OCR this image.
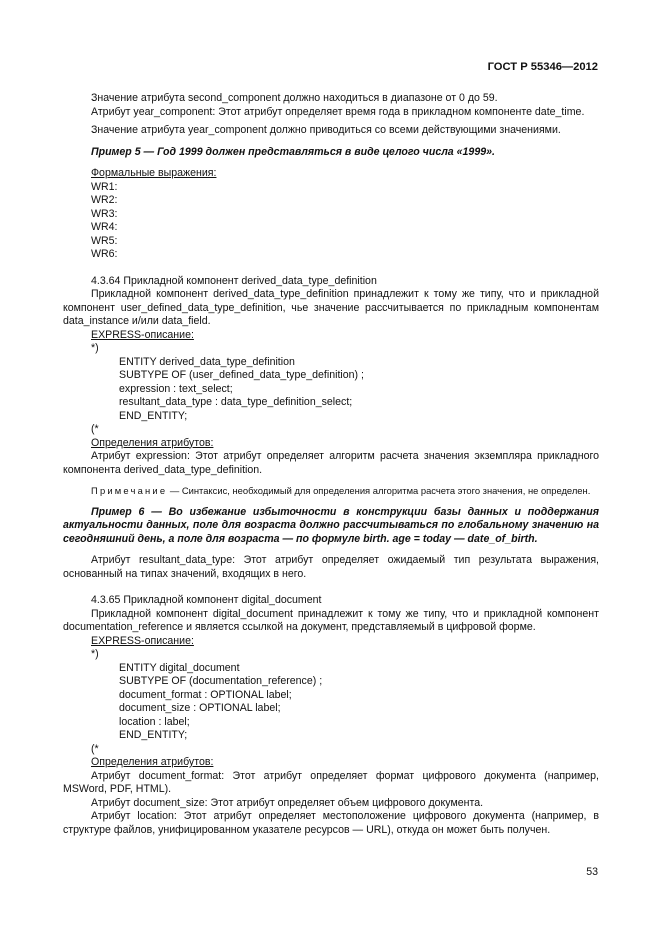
ГОСТ Р 55346—2012

Значение атрибута second_component должно находиться в диапазоне от 0 до 59.

Атрибут year_component: Этот атрибут определяет время года в прикладном компоненте date_time.

Значение атрибута year_component должно приводиться со всеми действующими значениями.

Пример 5 — Год 1999 должен представляться в виде целого числа «1999».

Формальные выражения:

WR1:

WR2:

WR3:

WR4:

WR5:

WR6:

4.3.64 Прикладной компонент derived_data_type_definition

Прикладной компонент derived_data_type_definition принадлежит к тому же типу, что и прикладной компонент user_defined_data_type_definition, чье значение рассчитывается по прикладным компонентам data_instance и/или data_field.

EXPRESS-описание:

*)

ENTITY derived_data_type_definition

SUBTYPE OF (user_defined_data_type_definition) ;

expression : text_select;

resultant_data_type : data_type_definition_select;

END_ENTITY;

(*

Определения атрибутов:

Атрибут expression: Этот атрибут определяет алгоритм расчета значения экземпляра прикладного компонента derived_data_type_definition.

Примечание — Синтаксис, необходимый для определения алгоритма расчета этого значения, не определен.

Пример 6 — Во избежание избыточности в конструкции базы данных и поддержания актуальности данных, поле для возраста должно рассчитываться по глобальному значению на сегодняшний день, а поле для возраста — по формуле birth. age = today — date_of_birth.

Атрибут resultant_data_type: Этот атрибут определяет ожидаемый тип результата выражения, основанный на типах значений, входящих в него.

4.3.65 Прикладной компонент digital_document

Прикладной компонент digital_document принадлежит к тому же типу, что и прикладной компонент documentation_reference и является ссылкой на документ, представляемый в цифровой форме.

EXPRESS-описание:

*)

ENTITY digital_document

SUBTYPE OF (documentation_reference) ;

document_format : OPTIONAL label;

document_size : OPTIONAL label;

location : label;

END_ENTITY;

(*

Определения атрибутов:

Атрибут document_format: Этот атрибут определяет формат цифрового документа (например, MSWord, PDF, HTML).

Атрибут document_size: Этот атрибут определяет объем цифрового документа.

Атрибут location: Этот атрибут определяет местоположение цифрового документа (например, в структуре файлов, унифицированном указателе ресурсов — URL), откуда он может быть получен.

53
